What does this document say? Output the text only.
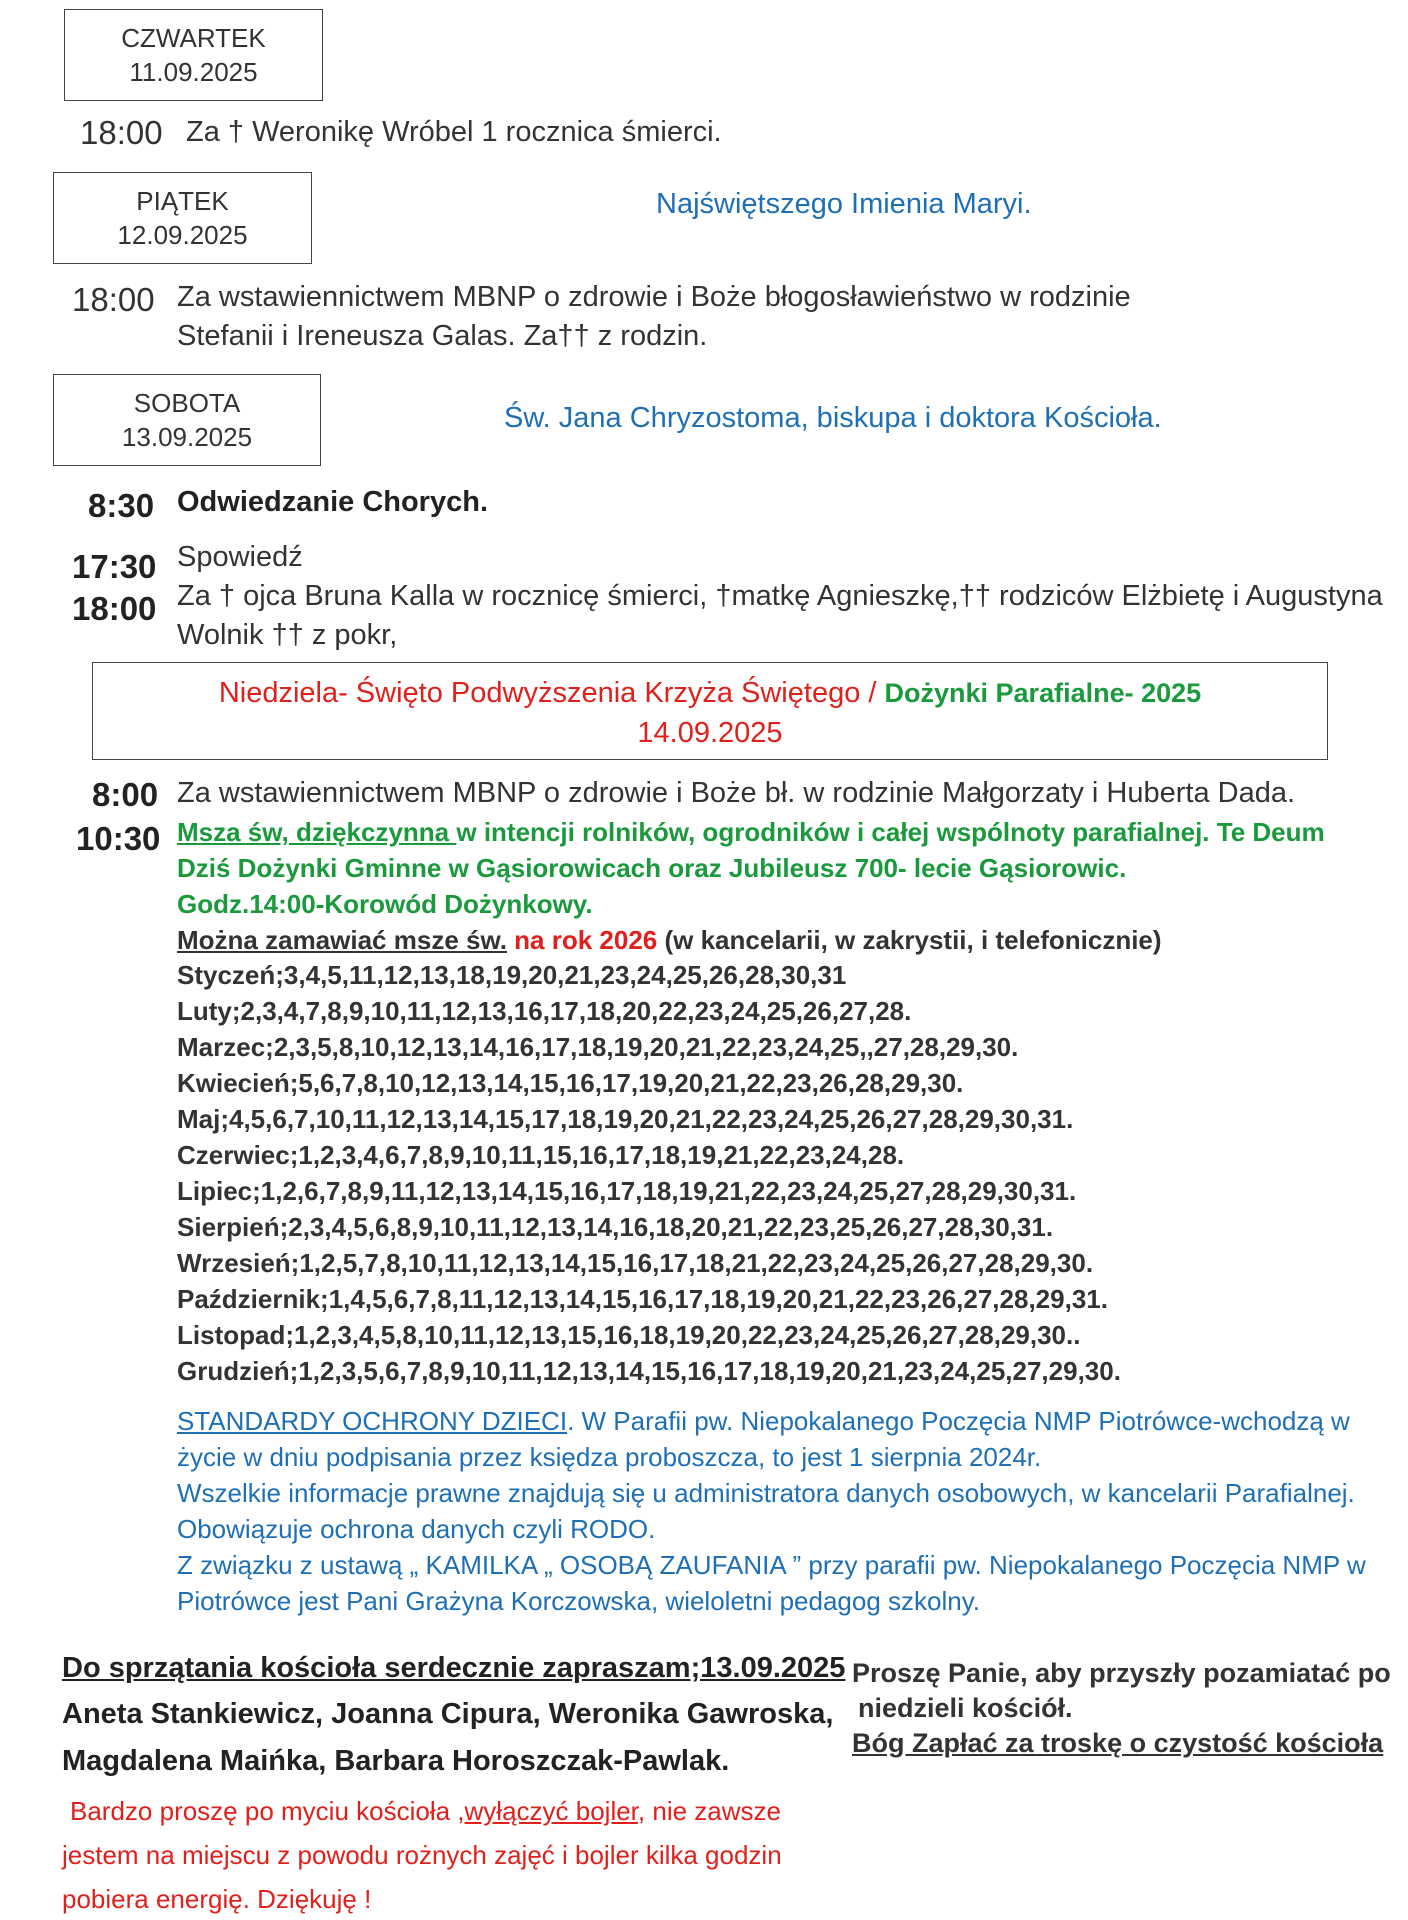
CZWARTEK
11.09.2025
18:00 Za † Weronikę Wróbel 1 rocznica śmierci.
PIĄTEK
12.09.2025
Najświętszego Imienia Maryi.
18:00 Za wstawiennictwem MBNP o zdrowie i Boże błogosławieństwo w rodzinie
Stefanii i Ireneusza Galas. Za†† z rodzin.
SOBOTA
13.09.2025
Św. Jana Chryzostoma, biskupa i doktora Kościoła.
8:30 Odwiedzanie Chorych.
17:30 Spowiedź
18:00 Za † ojca Bruna Kalla w rocznicę śmierci, †matkę Agnieszkę,†† rodziców Elżbietę i Augustyna
Wolnik †† z pokr,
Niedziela- Święto Podwyższenia Krzyża Świętego / Dożynki Parafialne- 2025
14.09.2025
8:00 Za wstawiennictwem MBNP o zdrowie i Boże bł. w rodzinie Małgorzaty i Huberta Dada.
10:30 Msza św, dziękczynna w intencji rolników, ogrodników i całej wspólnoty parafialnej. Te Deum
Dziś Dożynki Gminne w Gąsiorowicach oraz Jubileusz 700- lecie Gąsiorowic.
Godz.14:00-Korowód Dożynkowy.
Można zamawiać msze św. na rok 2026 (w kancelarii, w zakrystii, i telefonicznie)
Styczeń;3,4,5,11,12,13,18,19,20,21,23,24,25,26,28,30,31
Luty;2,3,4,7,8,9,10,11,12,13,16,17,18,20,22,23,24,25,26,27,28.
Marzec;2,3,5,8,10,12,13,14,16,17,18,19,20,21,22,23,24,25,,27,28,29,30.
Kwiecień;5,6,7,8,10,12,13,14,15,16,17,19,20,21,22,23,26,28,29,30.
Maj;4,5,6,7,10,11,12,13,14,15,17,18,19,20,21,22,23,24,25,26,27,28,29,30,31.
Czerwiec;1,2,3,4,6,7,8,9,10,11,15,16,17,18,19,21,22,23,24,28.
Lipiec;1,2,6,7,8,9,11,12,13,14,15,16,17,18,19,21,22,23,24,25,27,28,29,30,31.
Sierpień;2,3,4,5,6,8,9,10,11,12,13,14,16,18,20,21,22,23,25,26,27,28,30,31.
Wrzesień;1,2,5,7,8,10,11,12,13,14,15,16,17,18,21,22,23,24,25,26,27,28,29,30.
Październik;1,4,5,6,7,8,11,12,13,14,15,16,17,18,19,20,21,22,23,26,27,28,29,31.
Listopad;1,2,3,4,5,8,10,11,12,13,15,16,18,19,20,22,23,24,25,26,27,28,29,30..
Grudzień;1,2,3,5,6,7,8,9,10,11,12,13,14,15,16,17,18,19,20,21,23,24,25,27,29,30.
STANDARDY OCHRONY DZIECI. W Parafii pw. Niepokalanego Poczęcia NMP Piotrówce-wchodzą w
życie w dniu podpisania przez księdza proboszcza, to jest 1 sierpnia 2024r.
Wszelkie informacje prawne znajdują się u administratora danych osobowych, w kancelarii Parafialnej.
Obowiązuje ochrona danych czyli RODO.
Z związku z ustawą „ KAMILKA „ OSOBĄ ZAUFANIA ” przy parafii pw. Niepokalanego Poczęcia NMP w
Piotrówce jest Pani Grażyna Korczowska, wieloletni pedagog szkolny.
Do sprzątania kościoła serdecznie zapraszam;13.09.2025
Aneta Stankiewicz, Joanna Cipura, Weronika Gawroska,
Magdalena Maińka, Barbara Horoszczak-Pawlak.
Proszę Panie, aby przyszły pozamiatać po
niedzieli kościół.
Bóg Zapłać za troskę o czystość kościoła
Bardzo proszę po myciu kościoła ,wyłączyć bojler, nie zawsze
jestem na miejscu z powodu rożnych zajęć i bojler kilka godzin
pobiera energię. Dziękuję !
